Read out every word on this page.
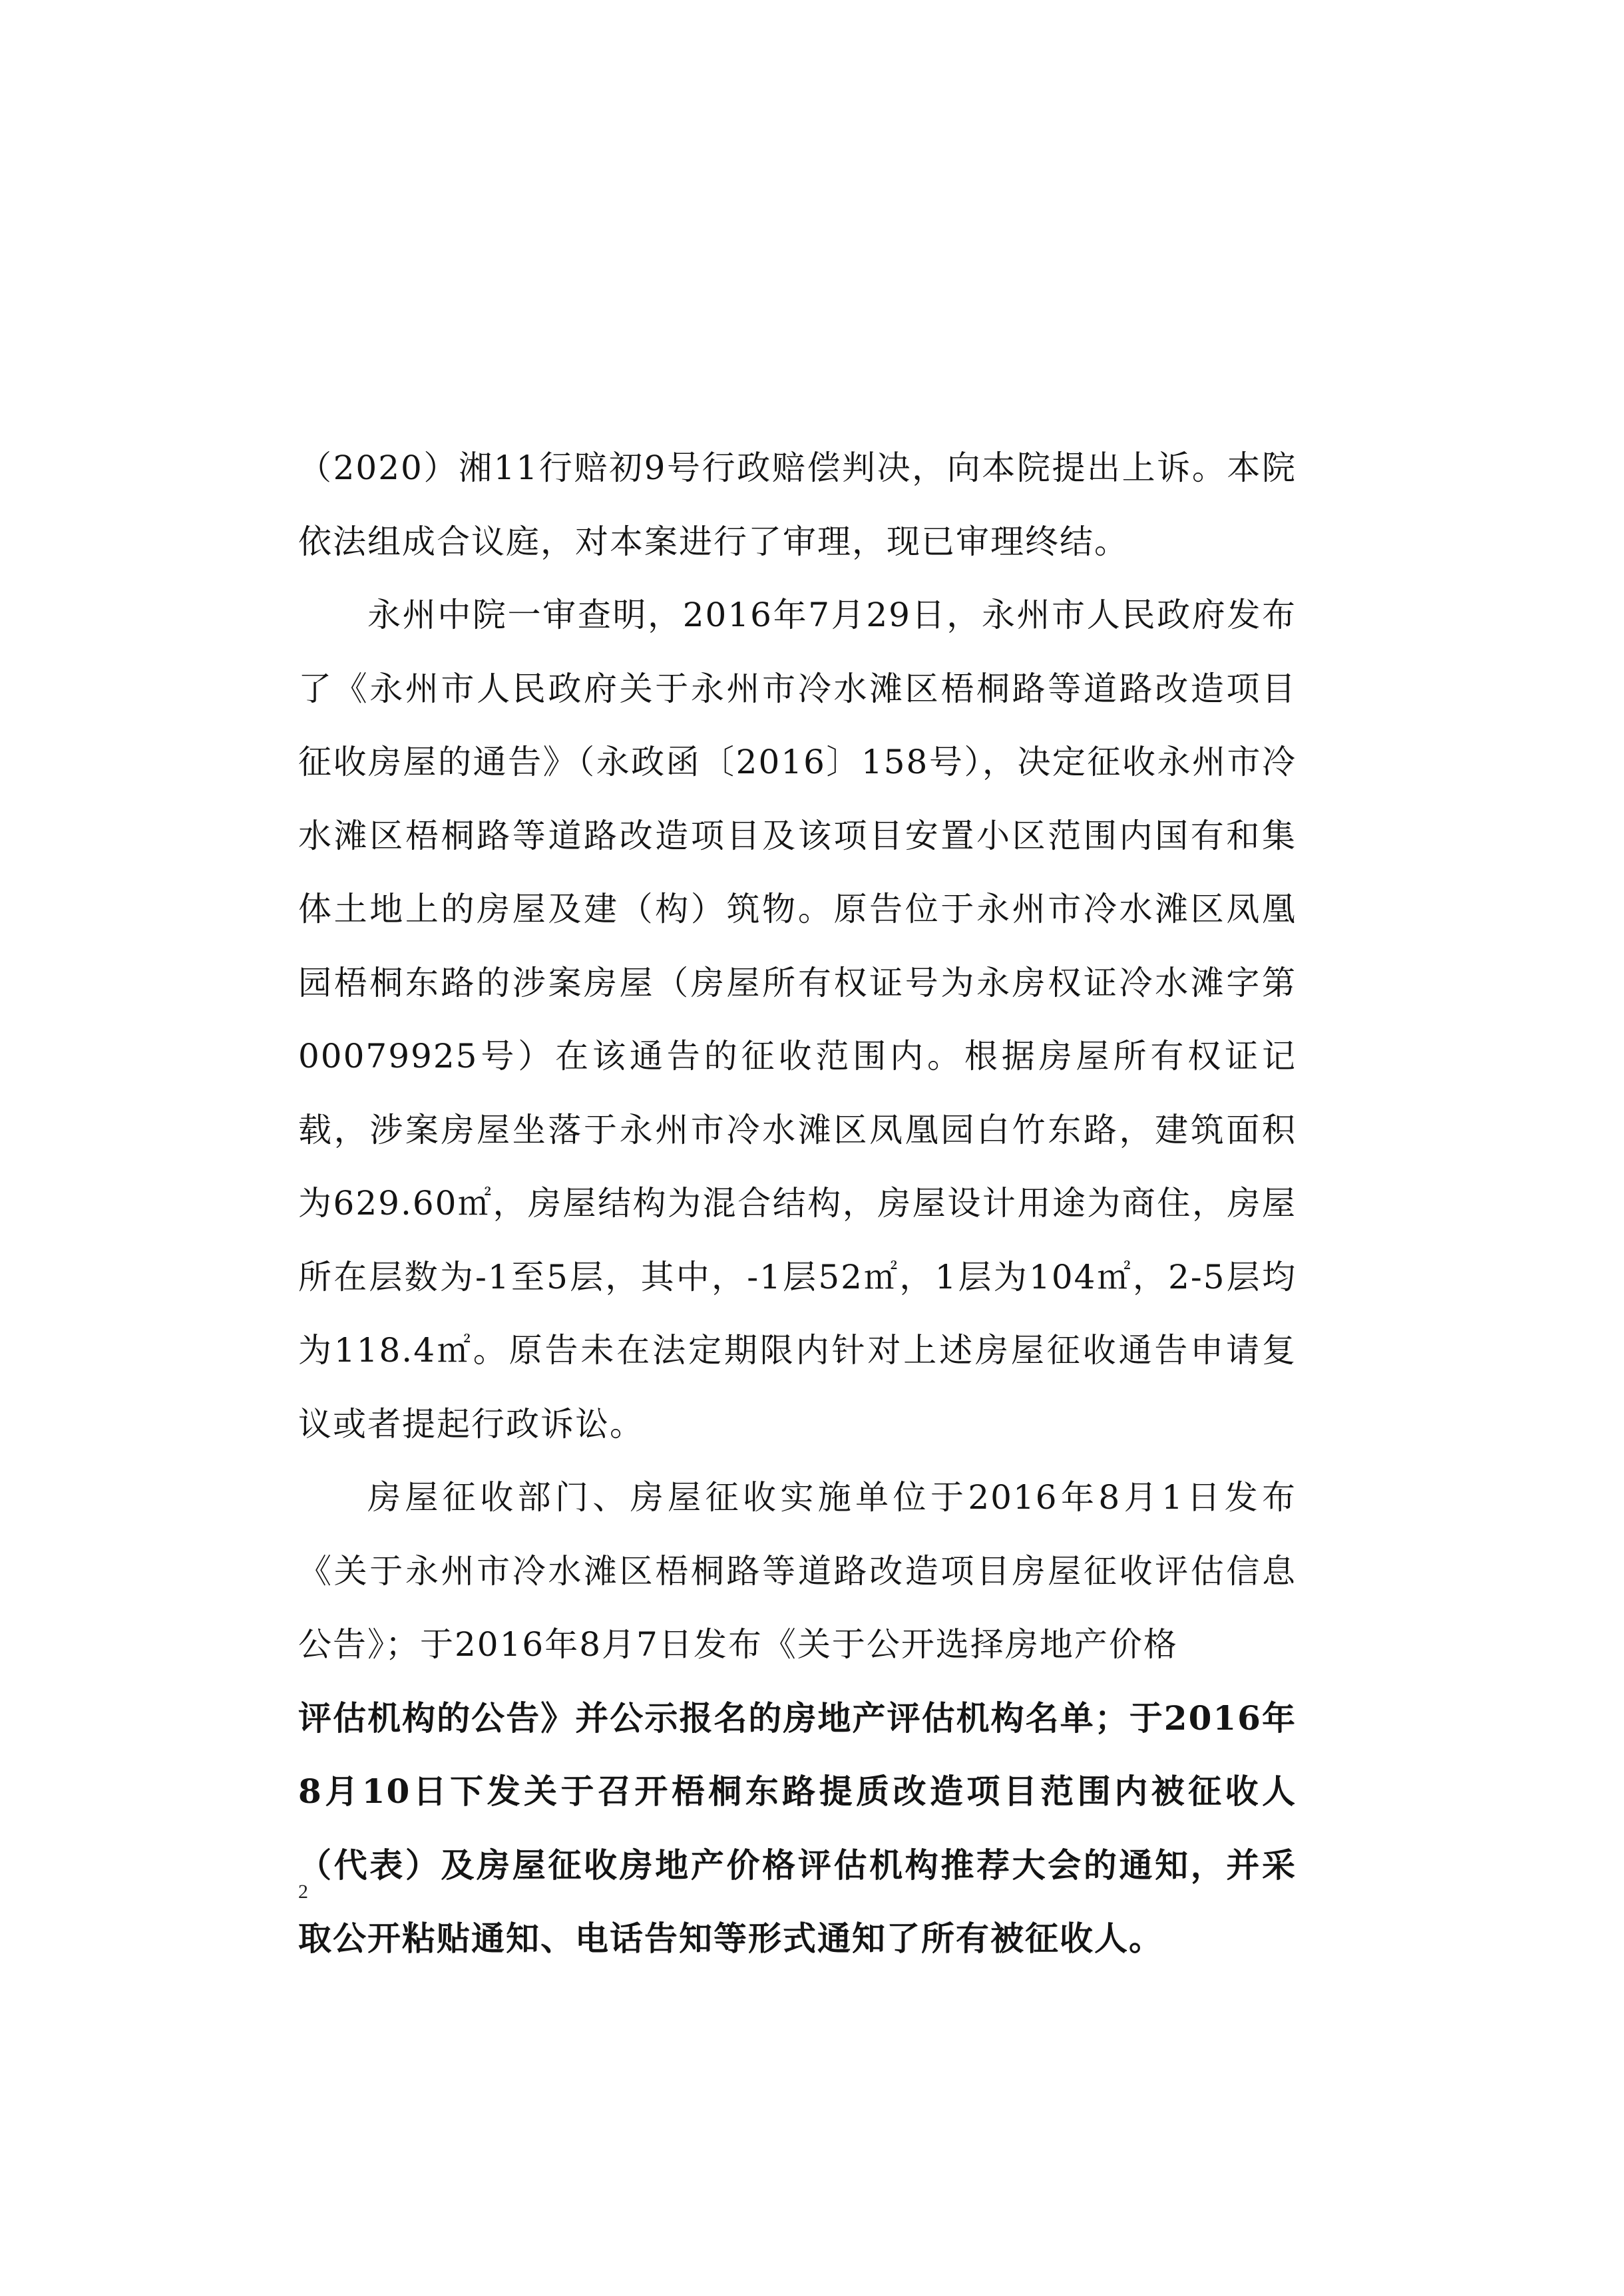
（2020）湘11行赔初9号行政赔偿判决，向本院提出上诉。本院依法组成合议庭，对本案进行了审理，现已审理终结。

永州中院一审查明，2016年7月29日，永州市人民政府发布了《永州市人民政府关于永州市冷水滩区梧桐路等道路改造项目征收房屋的通告》（永政函〔2016〕158号），决定征收永州市冷水滩区梧桐路等道路改造项目及该项目安置小区范围内国有和集体土地上的房屋及建（构）筑物。原告位于永州市冷水滩区凤凰园梧桐东路的涉案房屋（房屋所有权证号为永房权证冷水滩字第00079925号）在该通告的征收范围内。根据房屋所有权证记载，涉案房屋坐落于永州市冷水滩区凤凰园白竹东路，建筑面积为629.60㎡，房屋结构为混合结构，房屋设计用途为商住，房屋所在层数为-1至5层，其中，-1层52㎡，1层为104㎡，2-5层均为118.4㎡。原告未在法定期限内针对上述房屋征收通告申请复议或者提起行政诉讼。

房屋征收部门、房屋征收实施单位于2016年8月1日发布《关于永州市冷水滩区梧桐路等道路改造项目房屋征收评估信息公告》；于2016年8月7日发布《关于公开选择房地产价格

评估机构的公告》并公示报名的房地产评估机构名单；于2016年8月10日下发关于召开梧桐东路提质改造项目范围内被征收人（代表）及房屋征收房地产价格评估机构推荐大会的通知，并采取公开粘贴通知、电话告知等形式通知了所有被征收人。

2
